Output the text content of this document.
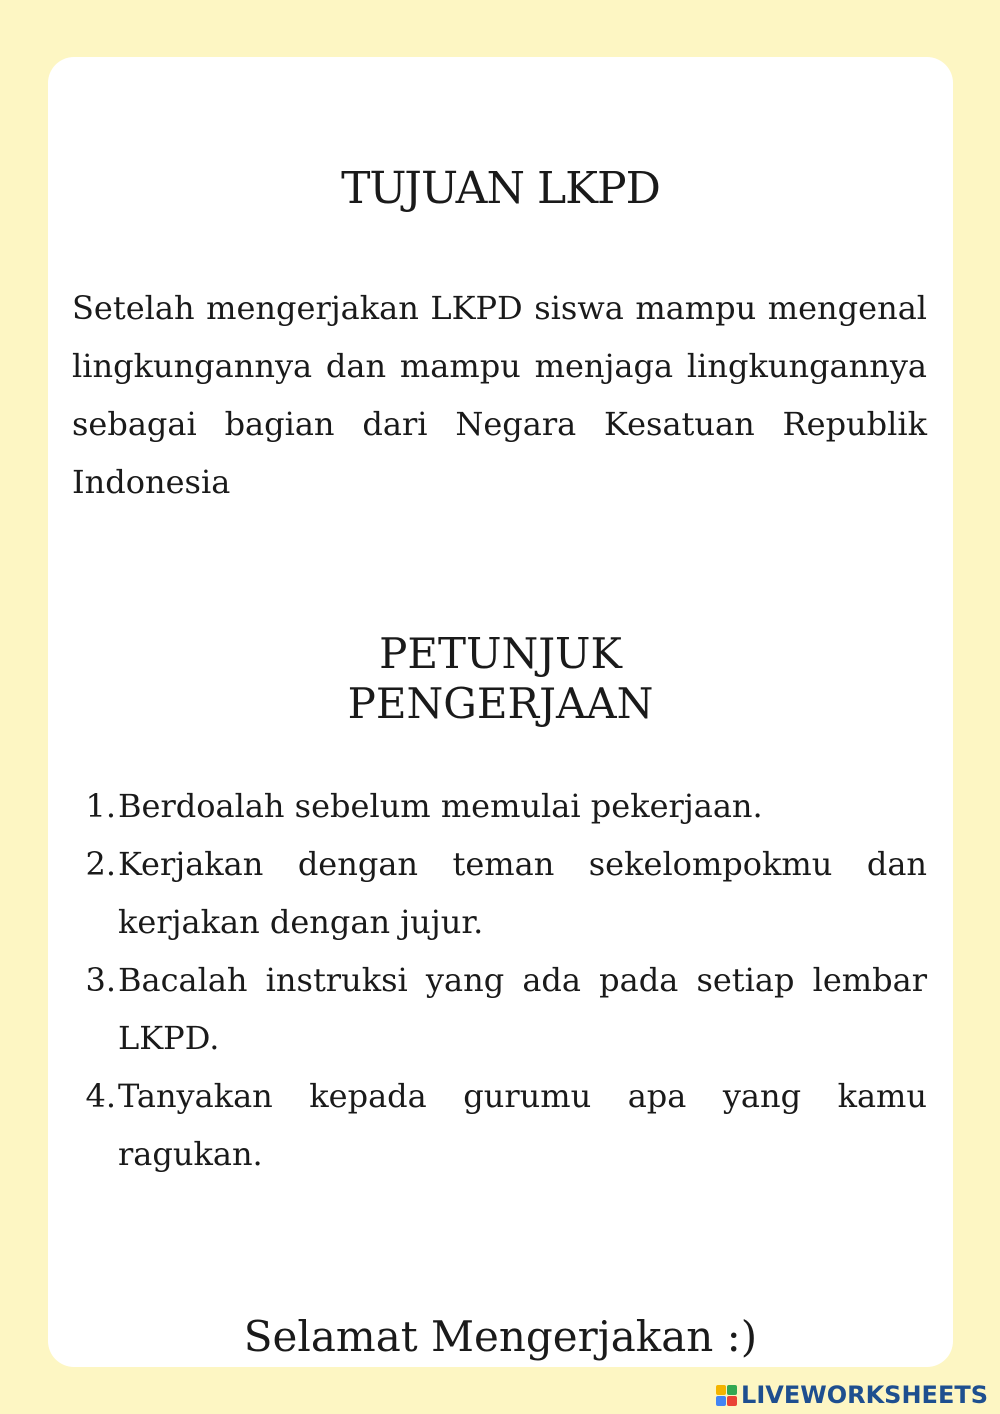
TUJUAN LKPD

Setelah mengerjakan LKPD siswa mampu mengenal lingkungannya dan mampu menjaga lingkungannya sebagai bagian dari Negara Kesatuan Republik Indonesia

PETUNJUK
PENGERJAAN
1. Berdoalah sebelum memulai pekerjaan.
2. Kerjakan dengan teman sekelompokmu dan kerjakan dengan jujur.
3. Bacalah instruksi yang ada pada setiap lembar LKPD.
4. Tanyakan kepada gurumu apa yang kamu ragukan.

Selamat Mengerjakan :)

LIVEWORKSHEETS
